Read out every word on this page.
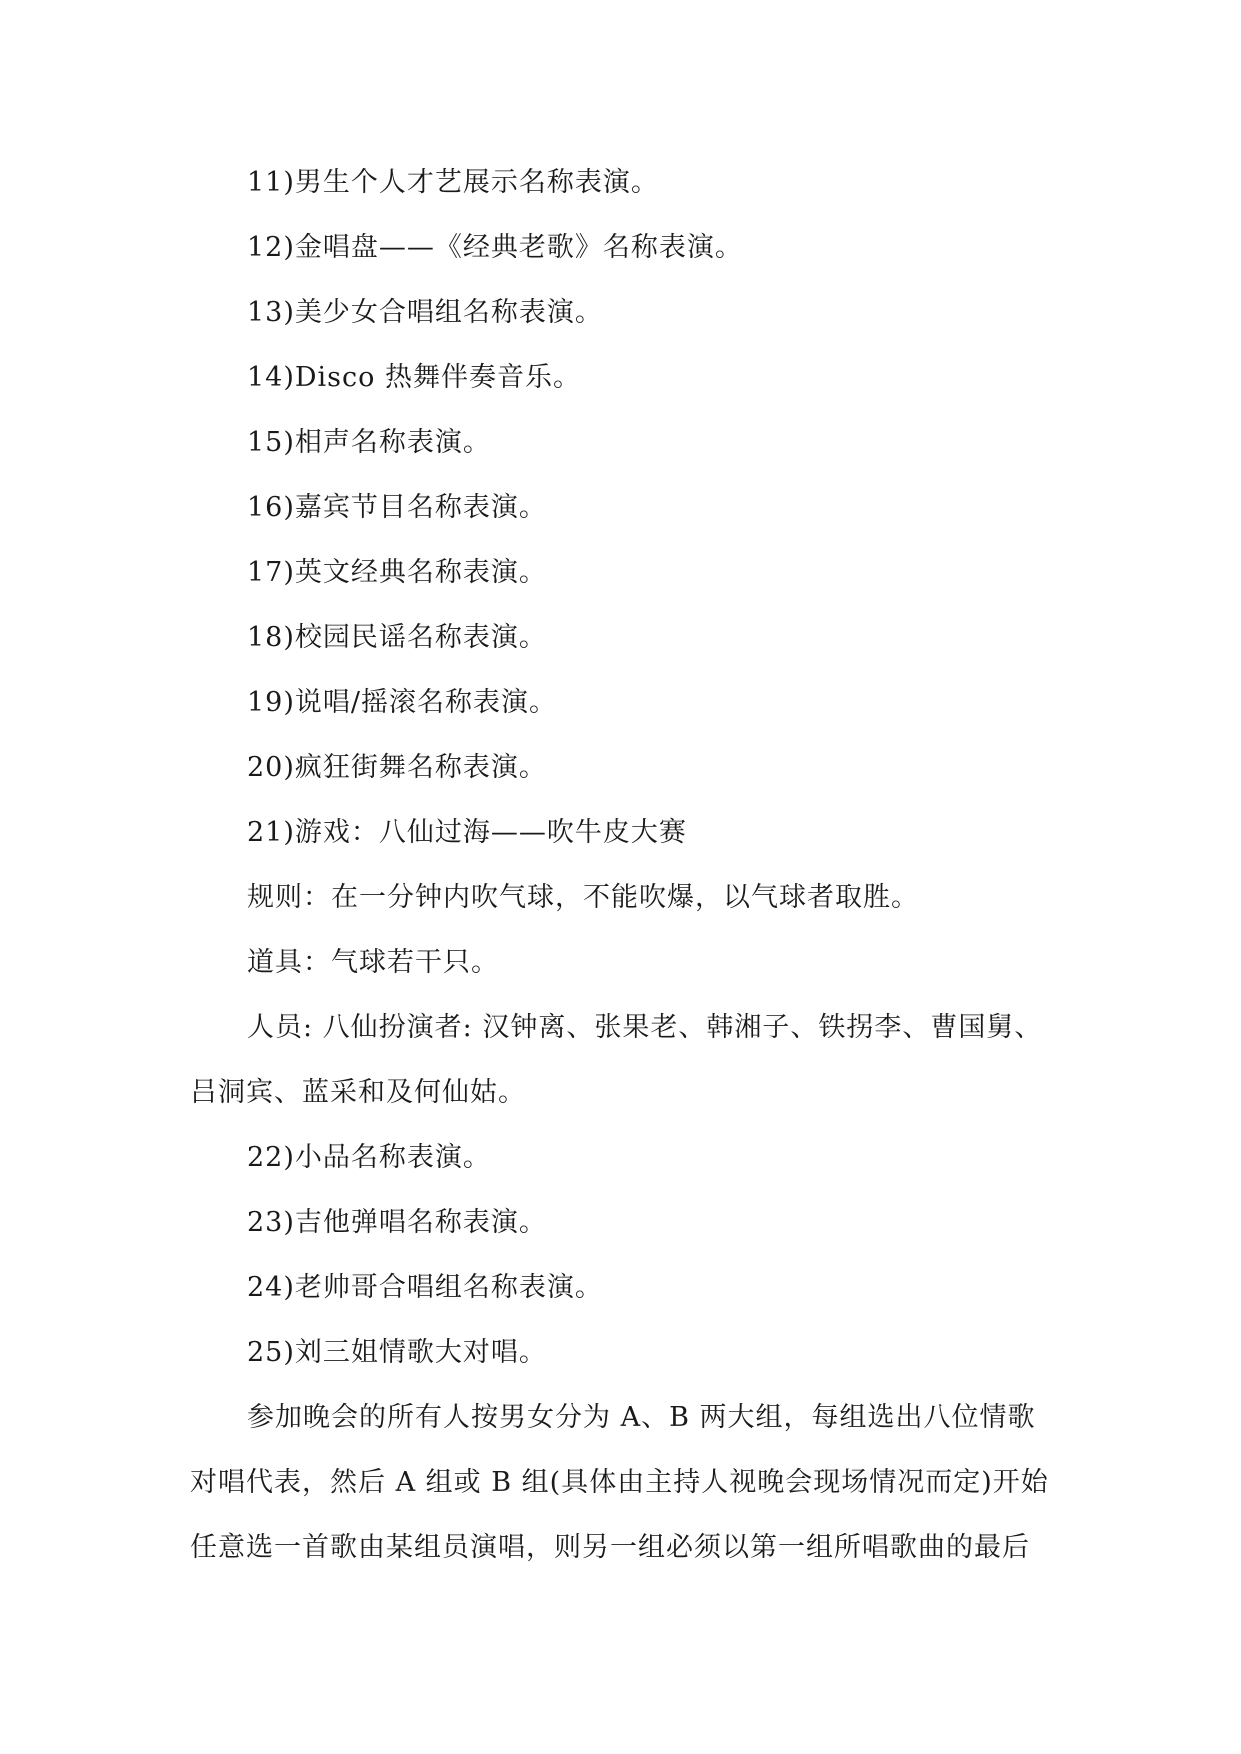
11)男生个人才艺展示名称表演。
12)金唱盘——《经典老歌》名称表演。
13)美少女合唱组名称表演。
14)Disco 热舞伴奏音乐。
15)相声名称表演。
16)嘉宾节目名称表演。
17)英文经典名称表演。
18)校园民谣名称表演。
19)说唱/摇滚名称表演。
20)疯狂街舞名称表演。
21)游戏：八仙过海——吹牛皮大赛
规则：在一分钟内吹气球，不能吹爆，以气球者取胜。
道具：气球若干只。
人员: 八仙扮演者: 汉钟离、张果老、韩湘子、铁拐李、曹国舅、
吕洞宾、蓝采和及何仙姑。
22)小品名称表演。
23)吉他弹唱名称表演。
24)老帅哥合唱组名称表演。
25)刘三姐情歌大对唱。
参加晚会的所有人按男女分为 A、B 两大组，每组选出八位情歌
对唱代表，然后 A 组或 B 组(具体由主持人视晚会现场情况而定)开始
任意选一首歌由某组员演唱，则另一组必须以第一组所唱歌曲的最后
